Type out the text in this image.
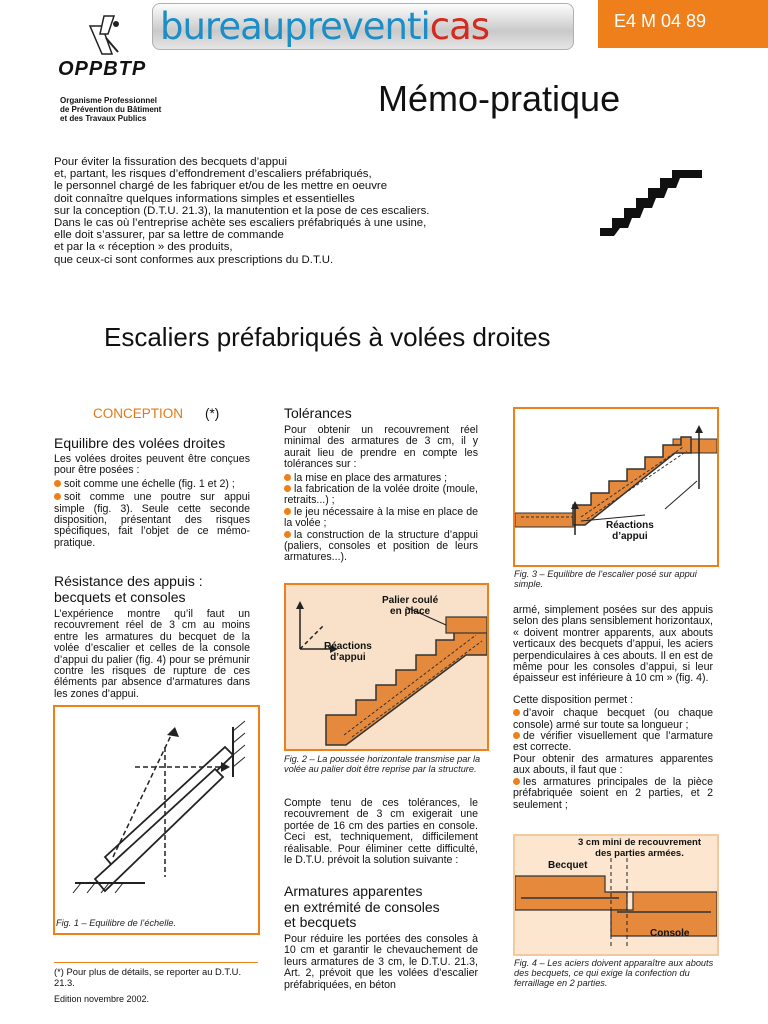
bureaupreventicas	E4 M 04 89
OPPBTP
Organisme Professionnel
de Prévention du Bâtiment
et des Travaux Publics	Mémo-pratique

Pour éviter la fissuration des becquets d’appui

et, partant, les risques d’effondrement d’escaliers préfabriqués,

le personnel chargé de les fabriquer et/ou de les mettre en oeuvre

doit connaître quelques informations simples et essentielles

sur la conception (D.T.U. 21.3), la manutention et la pose de ces escaliers.

Dans le cas où l’entreprise achète ses escaliers préfabriqués à une usine,

elle doit s’assurer, par sa lettre de commande

et par la « réception » des produits,

que ceux-ci sont conformes aux prescriptions du D.T.U.

Escaliers préfabriqués à volées droites
CONCEPTION (*)
Equilibre des volées droites

Les volées droites peuvent être conçues pour être posées :

soit comme une échelle (fig. 1 et 2) ;

soit comme une poutre sur appui simple (fig. 3). Seule cette seconde disposition, présentant des risques spécifiques, fait l’objet de ce mémo-pratique.

Résistance des appuis :
becquets et consoles
L’expérience montre qu’il faut un recouvrement réel de 3 cm au moins entre les armatures du becquet de la volée d’escalier et celles de la console d’appui du palier (fig. 4) pour se prémunir contre les risques de rupture de ces éléments par absence d’armatures dans les zones d’appui.
Fig. 1 – Equilibre de l’échelle.
(*) Pour plus de détails, se reporter au D.T.U. 21.3.
Edition novembre 2002.
Tolérances

Pour obtenir un recouvrement réel minimal des armatures de 3 cm, il y aurait lieu de prendre en compte les tolérances sur :

la mise en place des armatures ;

la fabrication de la volée droite (moule, retraits...) ;

le jeu nécessaire à la mise en place de la volée ;

la construction de la structure d’appui (paliers, consoles et position de leurs armatures...).

Palier coulé
en place
Réactions
d’appui
Fig. 2 – La poussée horizontale transmise par la volée au palier doit être reprise par la structure.
Compte tenu de ces tolérances, le recouvrement de 3 cm exigerait une portée de 16 cm des parties en console. Ceci est, techniquement, difficilement réalisable. Pour éliminer cette difficulté, le D.T.U. prévoit la solution suivante :
Armatures apparentes
en extrémité de consoles
et becquets
Pour réduire les portées des consoles à 10 cm et garantir le chevauchement de leurs armatures de 3 cm, le D.T.U. 21.3, Art. 2, prévoit que les volées d’escalier préfabriquées, en béton
Réactions
d’appui
Fig. 3 – Equilibre de l’escalier posé sur appui simple.

armé, simplement posées sur des appuis selon des plans sensiblement horizontaux, « doivent montrer apparents, aux abouts verticaux des becquets d’appui, les aciers perpendiculaires à ces abouts. Il en est de même pour les consoles d’appui, si leur épaisseur est inférieure à 10 cm » (fig. 4).

Cette disposition permet :

d’avoir chaque becquet (ou chaque console) armé sur toute sa longueur ;

de vérifier visuellement que l’armature est correcte.

Pour obtenir des armatures apparentes aux abouts, il faut que :

les armatures principales de la pièce préfabriquée soient en 2 parties, et 2 seulement ;

3 cm mini de recouvrement
des parties armées.
Becquet
Console
Fig. 4 – Les aciers doivent apparaître aux abouts des becquets, ce qui exige la confection du ferraillage en 2 parties.
